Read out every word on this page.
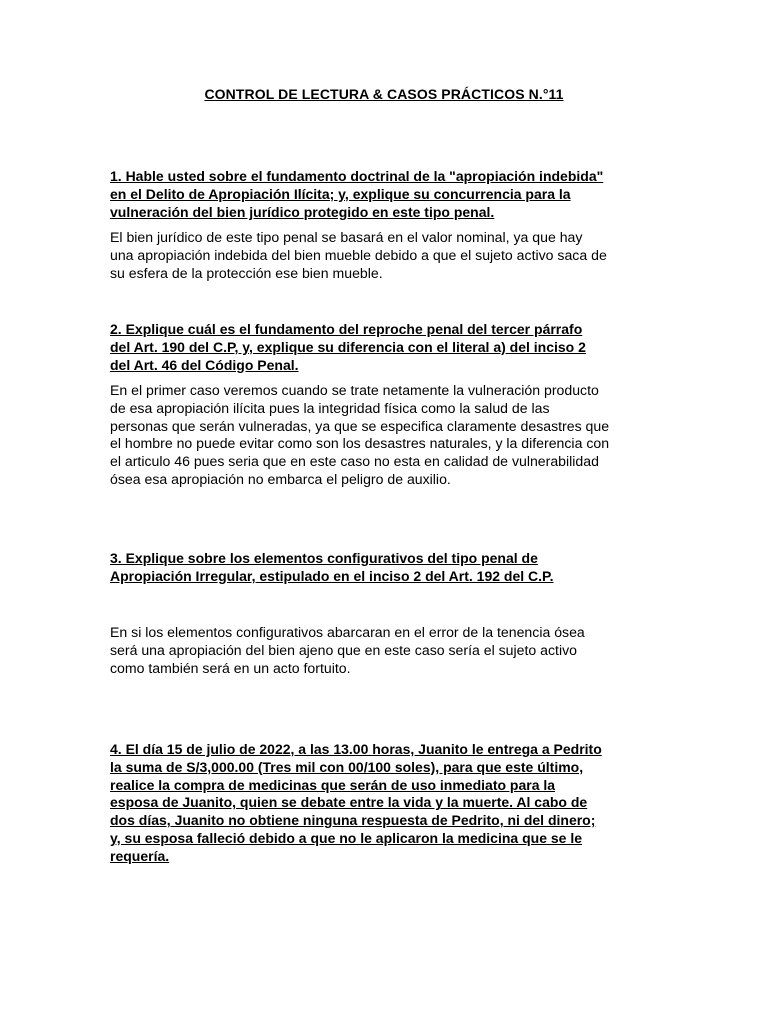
CONTROL DE LECTURA & CASOS PRÁCTICOS N.°11
1. Hable usted sobre el fundamento doctrinal de la "apropiación indebida"
en el Delito de Apropiación Ilícita; y, explique su concurrencia para la
vulneración del bien jurídico protegido en este tipo penal.
El bien jurídico de este tipo penal se basará en el valor nominal, ya que hay
una apropiación indebida del bien mueble debido a que el sujeto activo saca de
su esfera de la protección ese bien mueble.
2. Explique cuál es el fundamento del reproche penal del tercer párrafo
del Art. 190 del C.P, y, explique su diferencia con el literal a) del inciso 2
del Art. 46 del Código Penal.
En el primer caso veremos cuando se trate netamente la vulneración producto
de esa apropiación ilícita pues la integridad física como la salud de las
personas que serán vulneradas, ya que se especifica claramente desastres que
el hombre no puede evitar como son los desastres naturales, y la diferencia con
el articulo 46 pues seria que en este caso no esta en calidad de vulnerabilidad
ósea esa apropiación no embarca el peligro de auxilio.
3. Explique sobre los elementos configurativos del tipo penal de
Apropiación Irregular, estipulado en el inciso 2 del Art. 192 del C.P.
En si los elementos configurativos abarcaran en el error de la tenencia ósea
será una apropiación del bien ajeno que en este caso sería el sujeto activo
como también será en un acto fortuito.
4. El día 15 de julio de 2022, a las 13.00 horas, Juanito le entrega a Pedrito
la suma de S/3,000.00 (Tres mil con 00/100 soles), para que este último,
realice la compra de medicinas que serán de uso inmediato para la
esposa de Juanito, quien se debate entre la vida y la muerte. Al cabo de
dos días, Juanito no obtiene ninguna respuesta de Pedrito, ni del dinero;
y, su esposa falleció debido a que no le aplicaron la medicina que se le
requería.
